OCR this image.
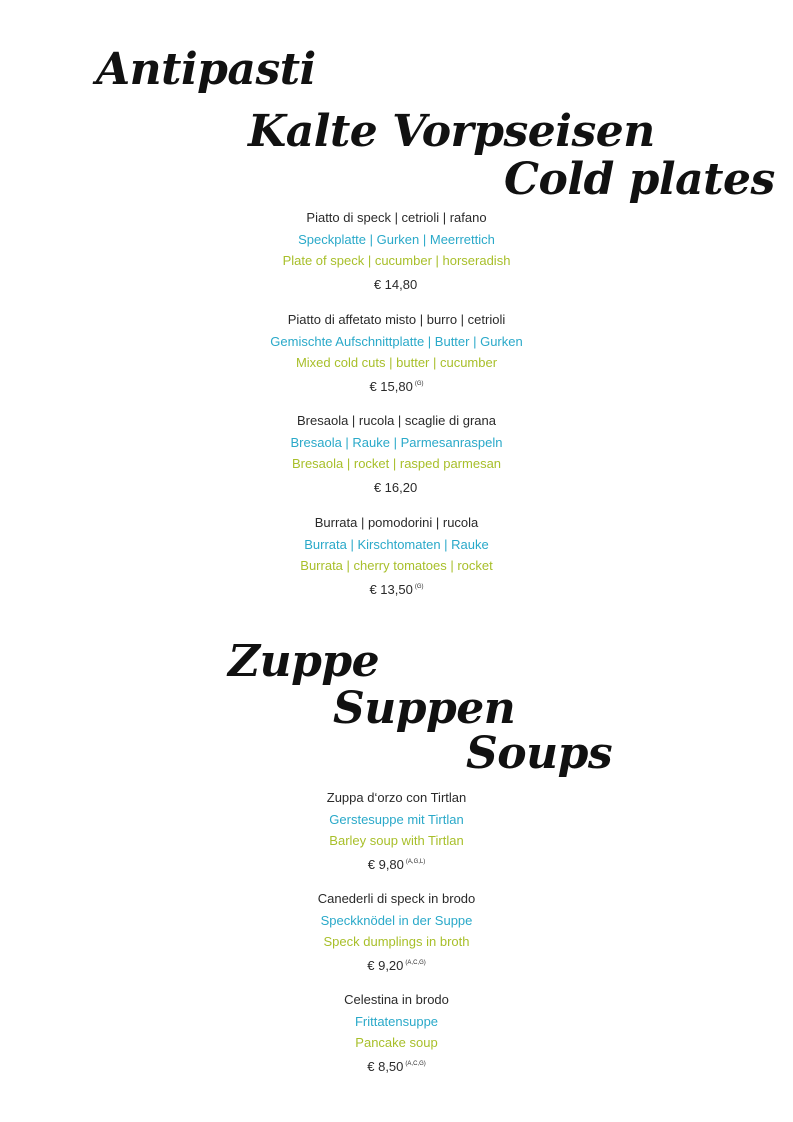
Antipasti
Kalte Vorpseisen
Cold plates
Piatto di speck | cetrioli | rafano
Speckplatte | Gurken | Meerrettich
Plate of speck | cucumber | horseradish
€ 14,80
Piatto di affetato misto | burro | cetrioli
Gemischte Aufschnittplatte | Butter | Gurken
Mixed cold cuts | butter | cucumber
€ 15,80 $^{(G)}$
Bresaola | rucola | scaglie di grana
Bresaola | Rauke | Parmesanraspeln
Bresaola | rocket | rasped parmesan
€ 16,20
Burrata | pomodorini | rucola
Burrata | Kirschtomaten | Rauke
Burrata | cherry tomatoes | rocket
€ 13,50 $^{(G)}$
Zuppe
Suppen
Soups
Zuppa d‘orzo con Tirtlan
Gerstesuppe mit Tirtlan
Barley soup with Tirtlan
€ 9,80 $^{(A,G,L)}$
Canederli di speck in brodo
Speckknödel in der Suppe
Speck dumplings in broth
€ 9,20 $^{(A,C,G)}$
Celestina in brodo
Frittatensuppe
Pancake soup
€ 8,50 $^{(A,C,G)}$
